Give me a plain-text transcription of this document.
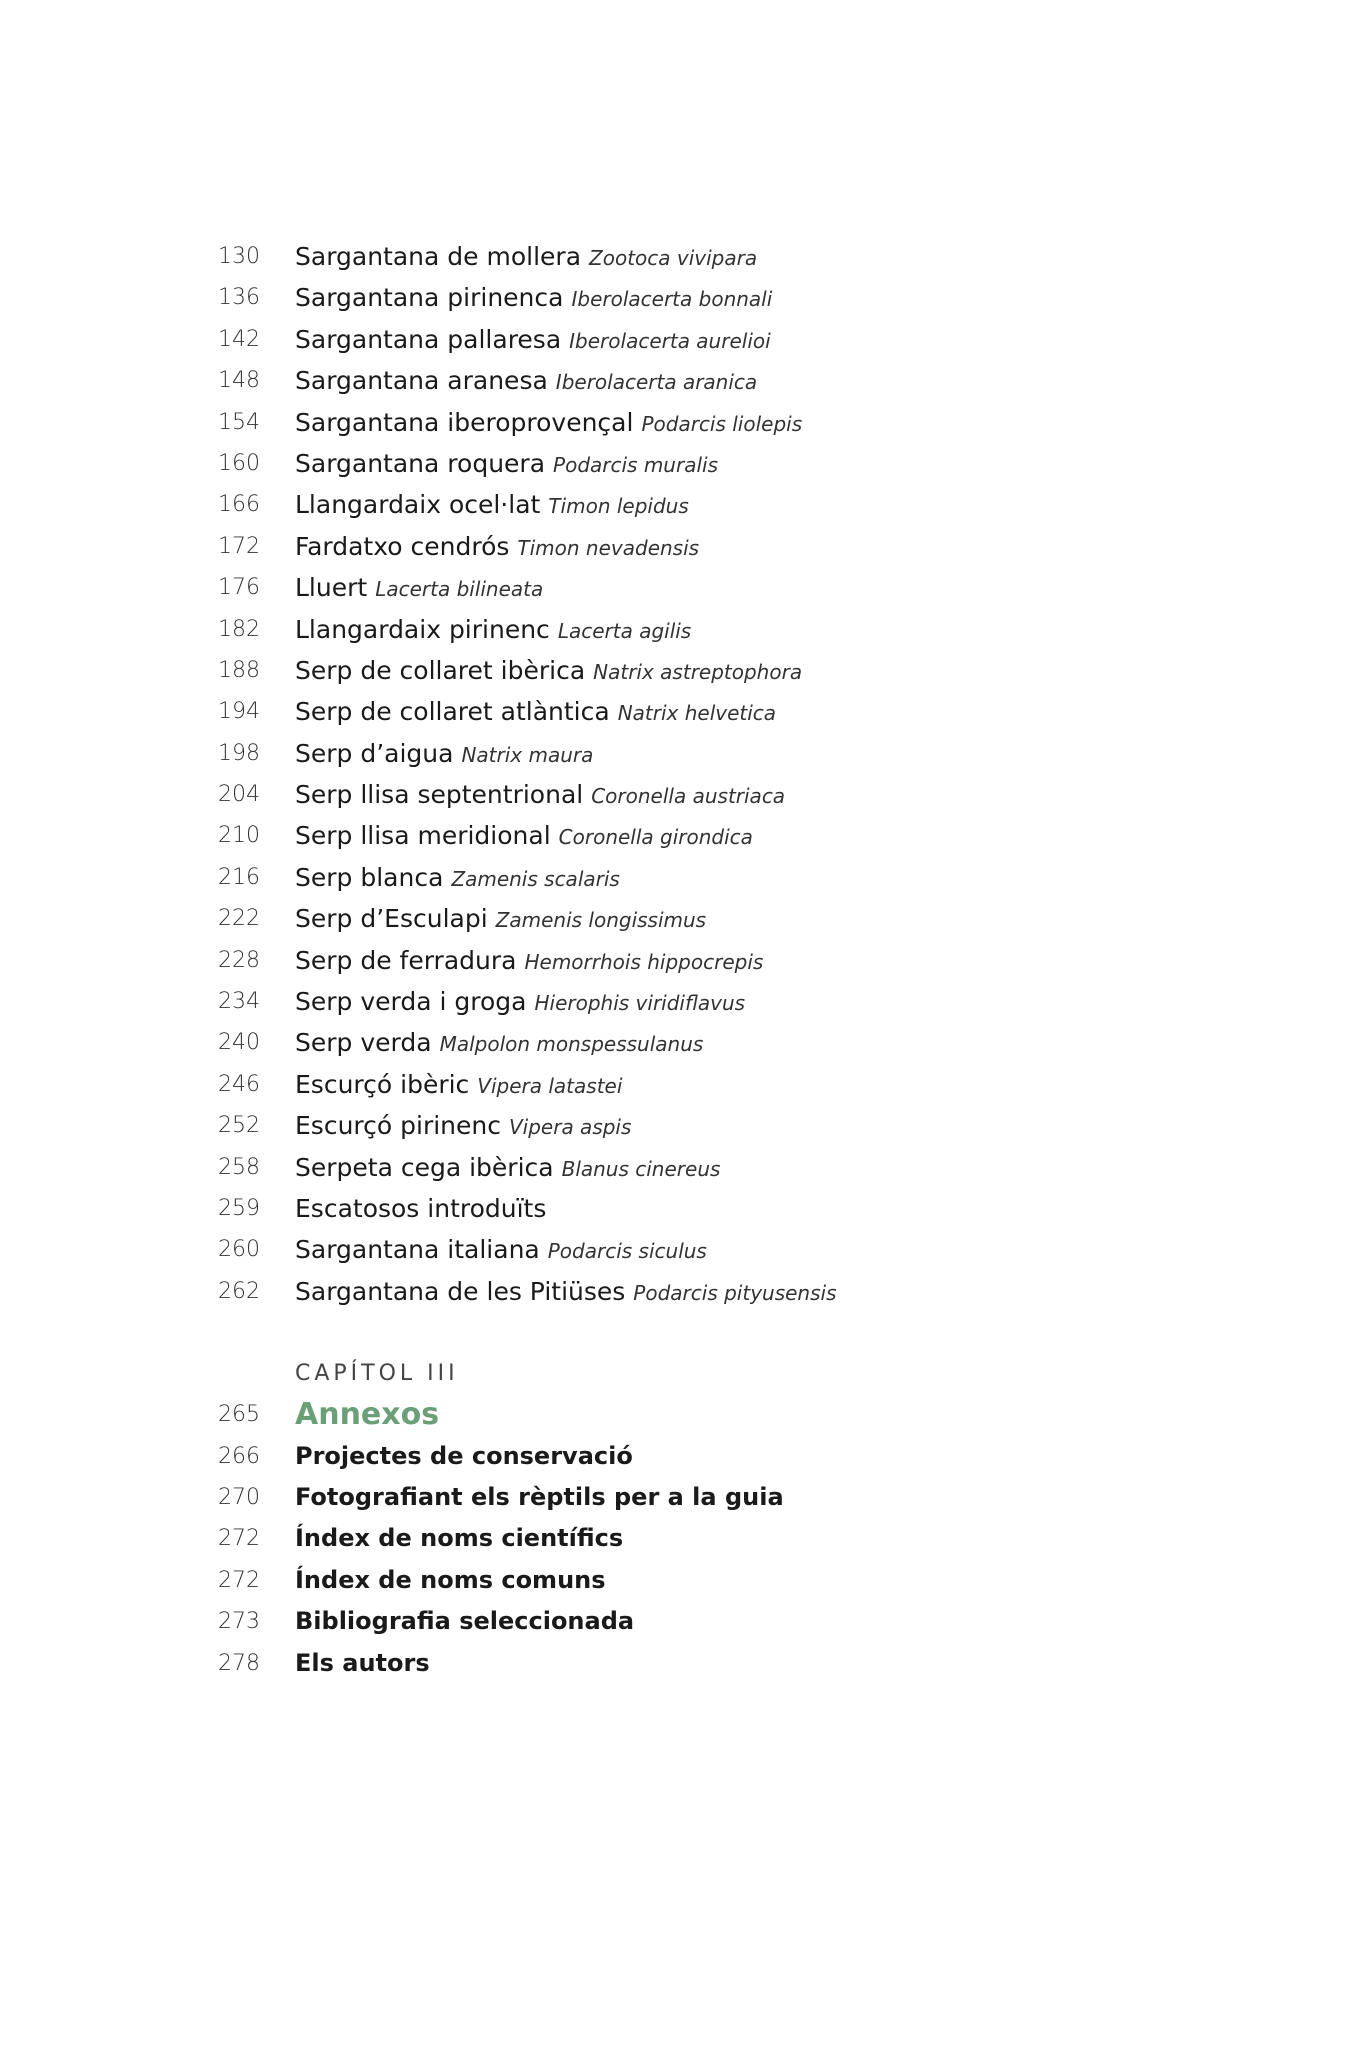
130 Sargantana de mollera Zootoca vivipara
136 Sargantana pirinenca Iberolacerta bonnali
142 Sargantana pallaresa Iberolacerta aurelioi
148 Sargantana aranesa Iberolacerta aranica
154 Sargantana iberoprovençal Podarcis liolepis
160 Sargantana roquera Podarcis muralis
166 Llangardaix ocel·lat Timon lepidus
172 Fardatxo cendrós Timon nevadensis
176 Lluert Lacerta bilineata
182 Llangardaix pirinenc Lacerta agilis
188 Serp de collaret ibèrica Natrix astreptophora
194 Serp de collaret atlàntica Natrix helvetica
198 Serp d’aigua Natrix maura
204 Serp llisa septentrional Coronella austriaca
210 Serp llisa meridional Coronella girondica
216 Serp blanca Zamenis scalaris
222 Serp d’Esculapi Zamenis longissimus
228 Serp de ferradura Hemorrhois hippocrepis
234 Serp verda i groga Hierophis viridiflavus
240 Serp verda Malpolon monspessulanus
246 Escurçó ibèric Vipera latastei
252 Escurçó pirinenc Vipera aspis
258 Serpeta cega ibèrica Blanus cinereus
259 Escatosos introduïts
260 Sargantana italiana Podarcis siculus
262 Sargantana de les Pitiüses Podarcis pityusensis
CAPÍTOL III
265 Annexos
266 Projectes de conservació
270 Fotografiant els rèptils per a la guia
272 Índex de noms científics
272 Índex de noms comuns
273 Bibliografia seleccionada
278 Els autors
